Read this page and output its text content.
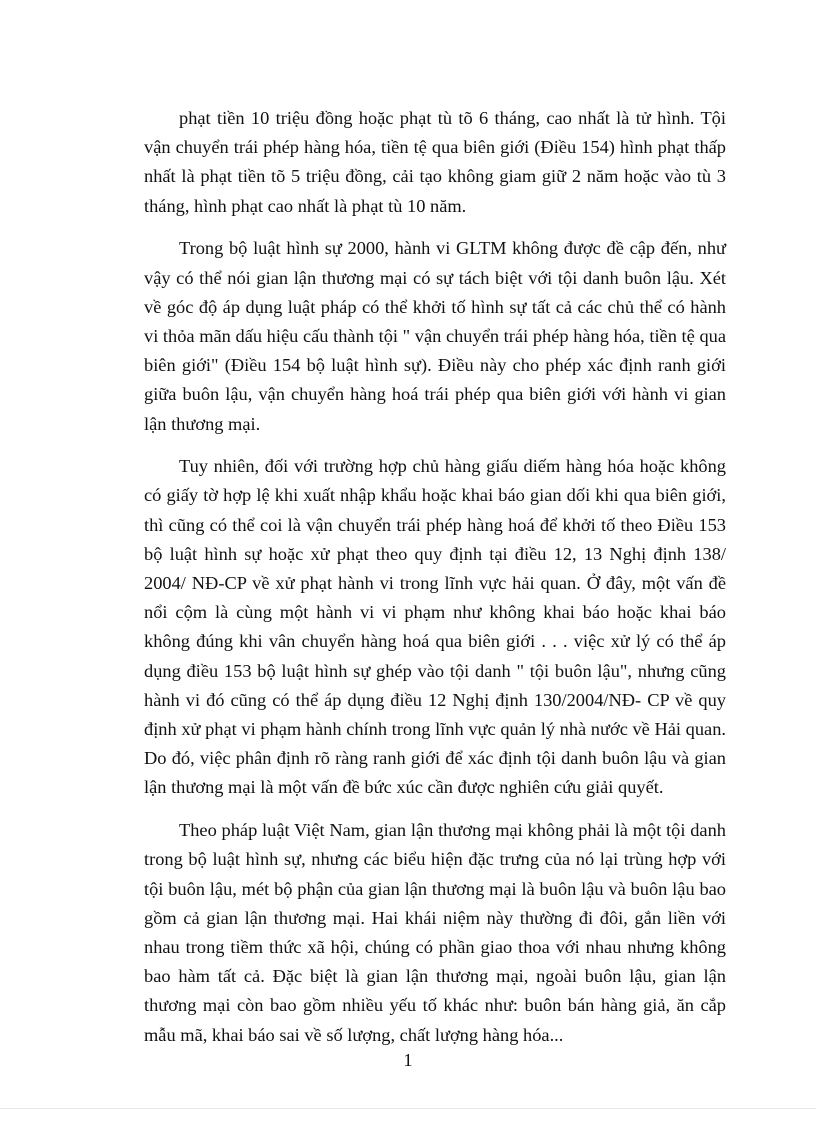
phạt tiền 10 triệu đồng hoặc phạt tù tõ 6 tháng, cao nhất là tử hình. Tội vận chuyển trái phép hàng hóa, tiền tệ qua biên giới (Điều 154) hình phạt thấp nhất là phạt tiền tõ 5 triệu đồng, cải tạo không giam giữ 2 năm hoặc vào tù 3 tháng, hình phạt cao nhất là phạt tù 10 năm.

Trong bộ luật hình sự 2000, hành vi GLTM không được đề cập đến, như vậy có thể nói gian lận thương mại có sự tách biệt với tội danh buôn lậu. Xét về góc độ áp dụng luật pháp có thể khởi tố hình sự tất cả các chủ thể có hành vi thỏa mãn dấu hiệu cấu thành tội " vận chuyển trái phép hàng hóa, tiền tệ qua biên giới" (Điều 154 bộ luật hình sự). Điều này cho phép xác định ranh giới giữa buôn lậu, vận chuyển hàng hoá trái phép qua biên giới với hành vi gian lận thương mại.

Tuy nhiên, đối với trường hợp chủ hàng giấu diếm hàng hóa hoặc không có giấy tờ hợp lệ khi xuất nhập khẩu hoặc khai báo gian dối khi qua biên giới, thì cũng có thể coi là vận chuyển trái phép hàng hoá để khởi tố theo Điều 153 bộ luật hình sự hoặc xử phạt theo quy định tại điều 12, 13 Nghị định 138/ 2004/ NĐ-CP về xử phạt hành vi trong lĩnh vực hải quan. Ở đây, một vấn đề nổi cộm là cùng một hành vi vi phạm như không khai báo hoặc khai báo không đúng khi vân chuyển hàng hoá qua biên giới . . . việc xử lý có thể áp dụng điều 153 bộ luật hình sự ghép vào tội danh " tội buôn lậu", nhưng cũng hành vi đó cũng có thể áp dụng điều 12 Nghị định 130/2004/NĐ- CP về quy định xử phạt vi phạm hành chính trong lĩnh vực quản lý nhà nước về Hải quan. Do đó, việc phân định rõ ràng ranh giới để xác định tội danh buôn lậu và gian lận thương mại là một vấn đề bức xúc cần được nghiên cứu giải quyết.

Theo pháp luật Việt Nam, gian lận thương mại không phải là một tội danh trong bộ luật hình sự, nhưng các biểu hiện đặc trưng của nó lại trùng hợp với tội buôn lậu, mét bộ phận của gian lận thương mại là buôn lậu và buôn lậu bao gồm cả gian lận thương mại. Hai khái niệm này thường đi đôi, gắn liền với nhau trong tiềm thức xã hội, chúng có phần giao thoa với nhau nhưng không bao hàm tất cả. Đặc biệt là gian lận thương mại, ngoài buôn lậu, gian lận thương mại còn bao gồm nhiều yếu tố khác như: buôn bán hàng giả, ăn cắp mẫu mã, khai báo sai về số lượng, chất lượng hàng hóa...

1
